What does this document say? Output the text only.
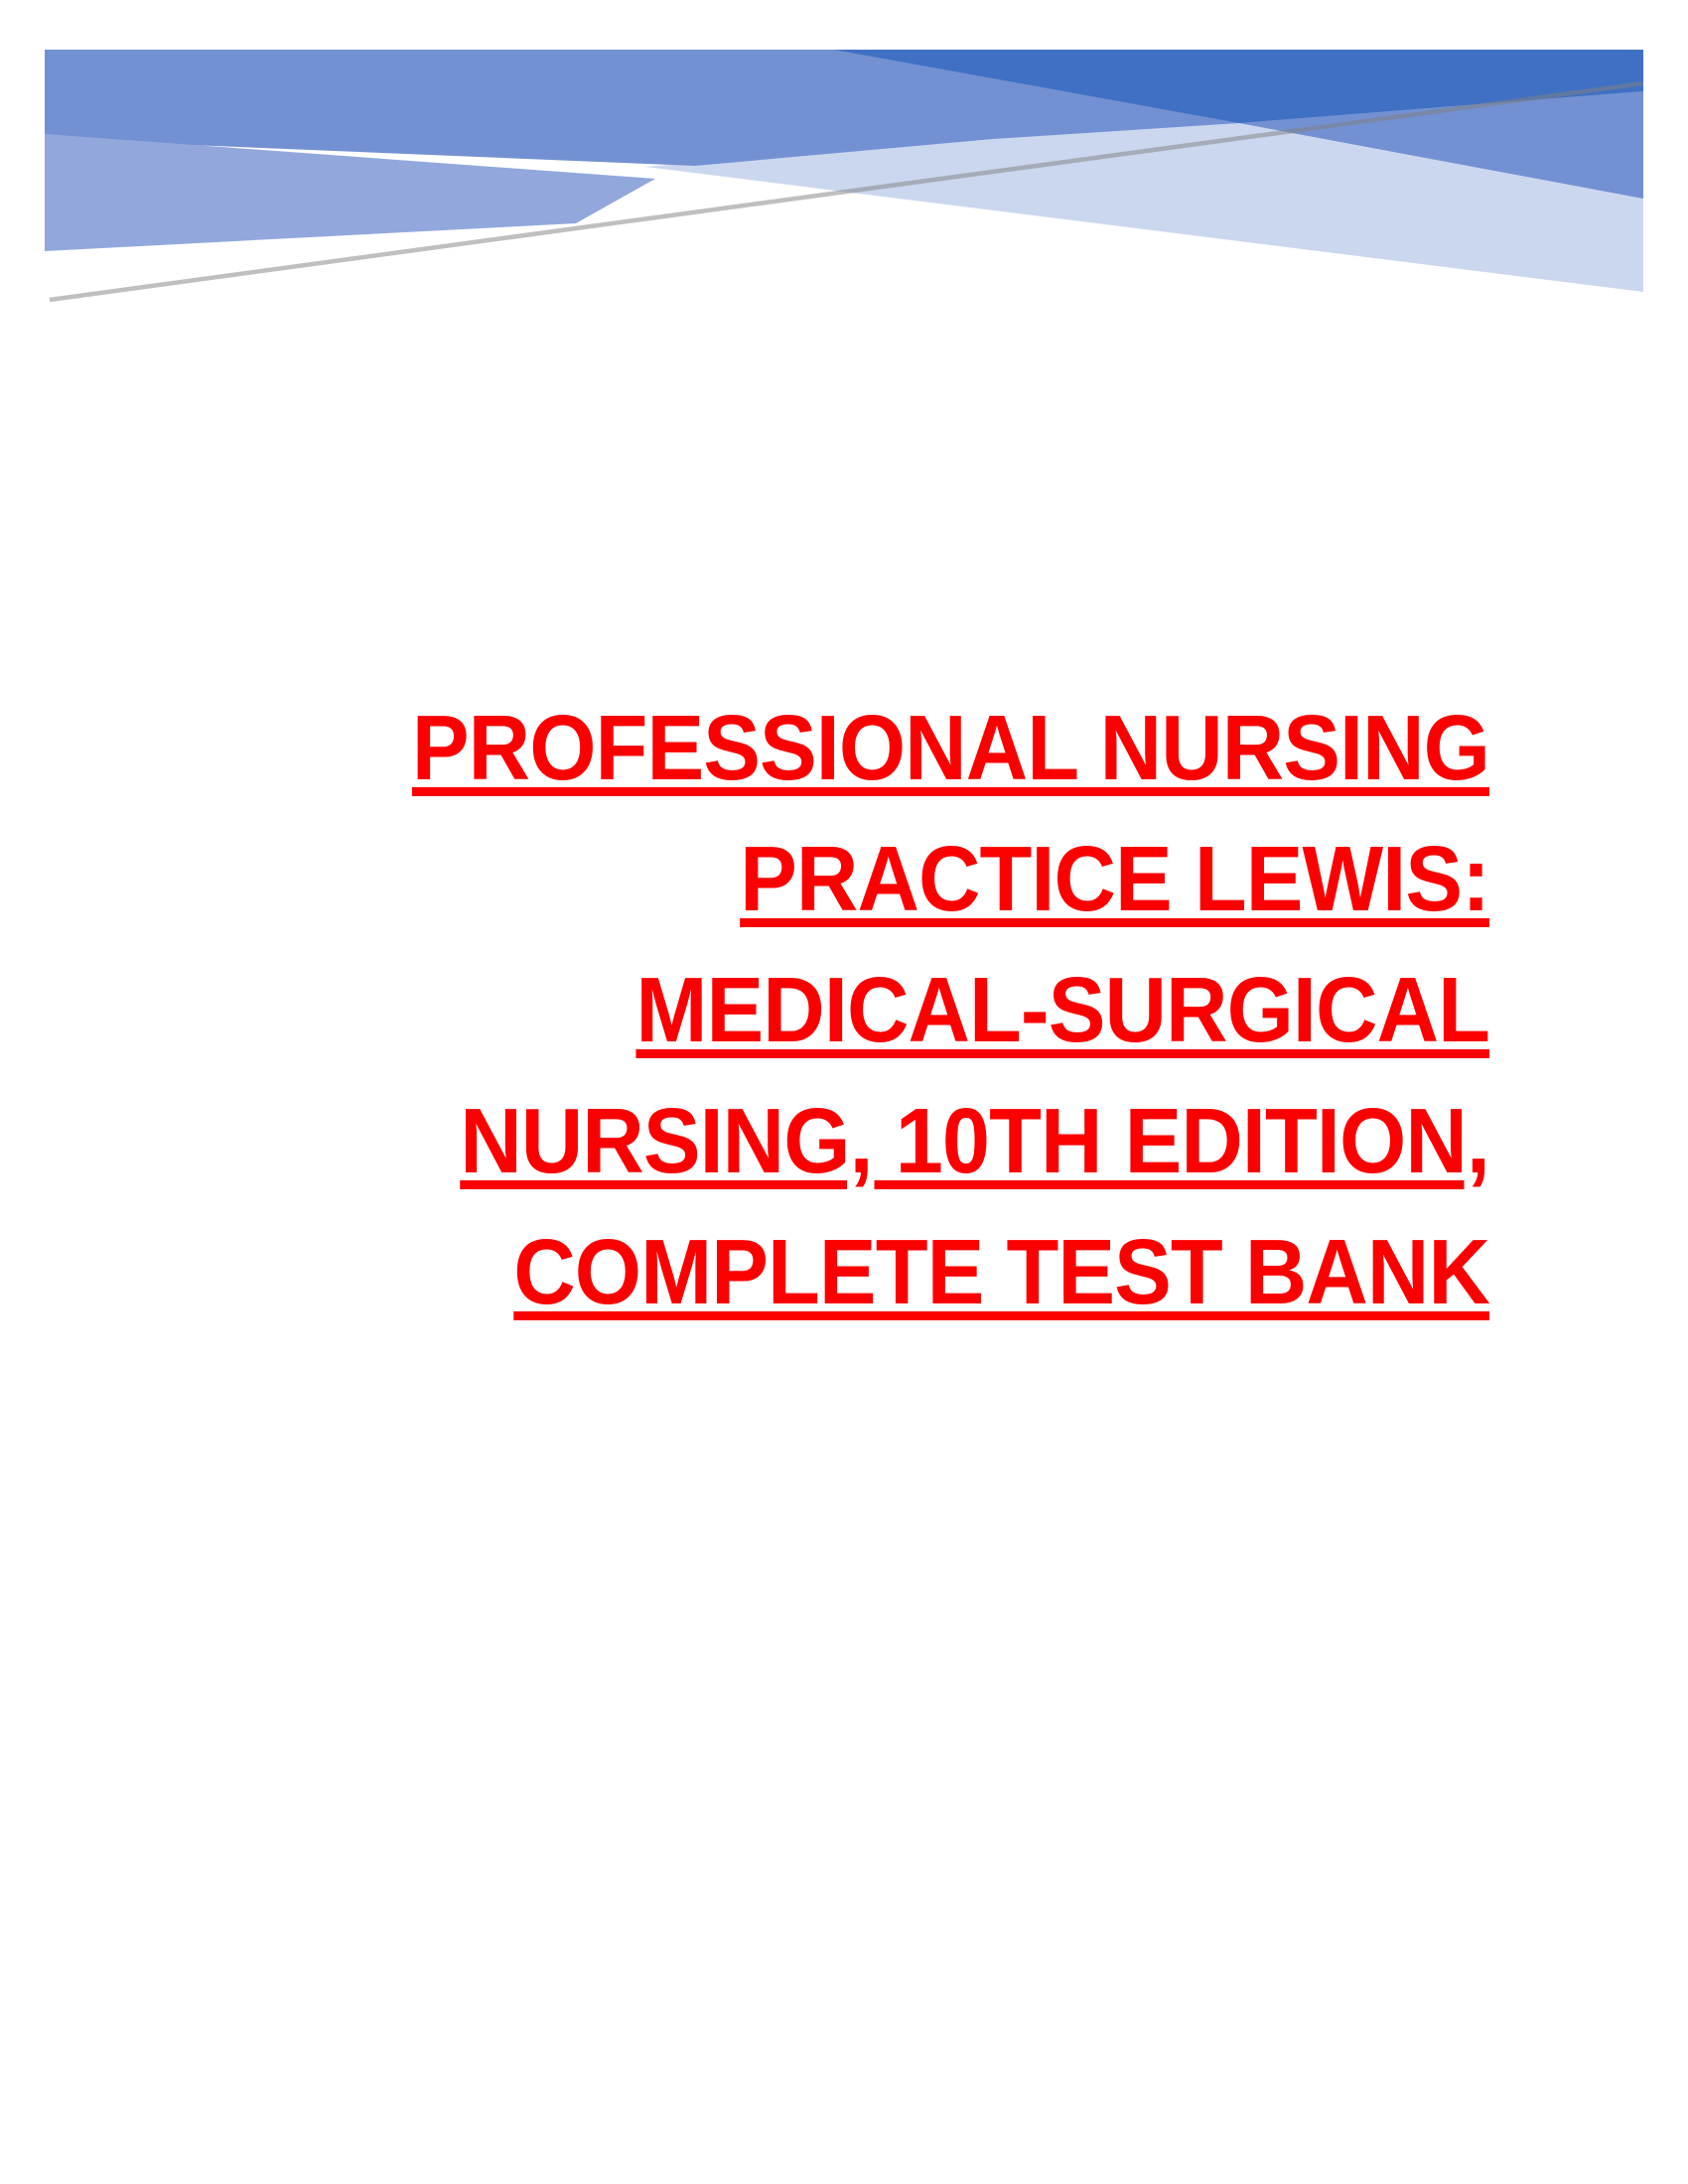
PROFESSIONAL NURSING
PRACTICE LEWIS:
MEDICAL-SURGICAL
NURSING, 10TH EDITION,
COMPLETE TEST BANK
